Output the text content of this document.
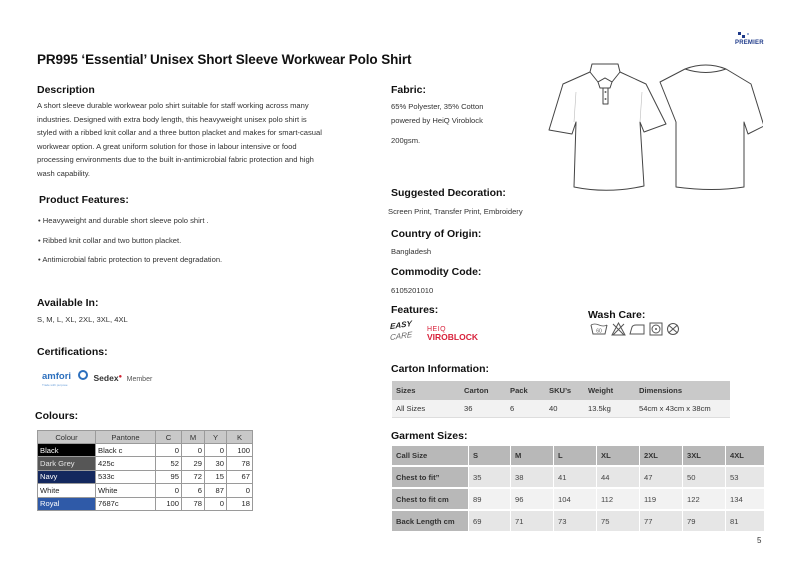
PREMIER
PR995 ‘Essential’ Unisex Short Sleeve Workwear Polo Shirt
Description
A short sleeve durable workwear polo shirt suitable for staff working across many
industries. Designed with extra body length, this heavyweight unisex polo shirt is
styled with a ribbed knit collar and a three button placket and makes for smart-casual
workwear option. A great uniform solution for those in labour intensive or food
processing environments due to the built in-antimicrobial fabric protection and high
wash capability.
Product Features:
• Heavyweight and durable short sleeve polo shirt .
• Ribbed knit collar and two button placket.
• Antimicrobial fabric protection to prevent degradation.
Available In:
S, M, L, XL, 2XL, 3XL, 4XL
Certifications:
amfori
Trade with purpose
Sedex● Member
Colours:
Colour	Pantone	C	M	Y	K
Black	Black c	0	0	0	100
Dark Grey	425c	52	29	30	78
Navy	533c	95	72	15	67
White	White	0	6	87	0
Royal	7687c	100	78	0	18
Fabric:
65% Polyester, 35% Cotton
powered by HeiQ Viroblock
200gsm.
Suggested Decoration:
Screen Print, Transfer Print, Embroidery
Country of Origin:
Bangladesh
Commodity Code:
6105201010
Features:
EASY
CARE
HEIQ
VIROBLOCK
Wash Care:
60
Carton Information:
Sizes	Carton	Pack	SKU’s	Weight	Dimensions
All Sizes	36	6	40	13.5kg	54cm x 43cm x 38cm
Garment Sizes:
Call Size	S	M	L	XL	2XL	3XL	4XL
Chest to fit”	35	38	41	44	47	50	53
Chest to fit cm	89	96	104	112	119	122	134
Back Length cm	69	71	73	75	77	79	81
5
